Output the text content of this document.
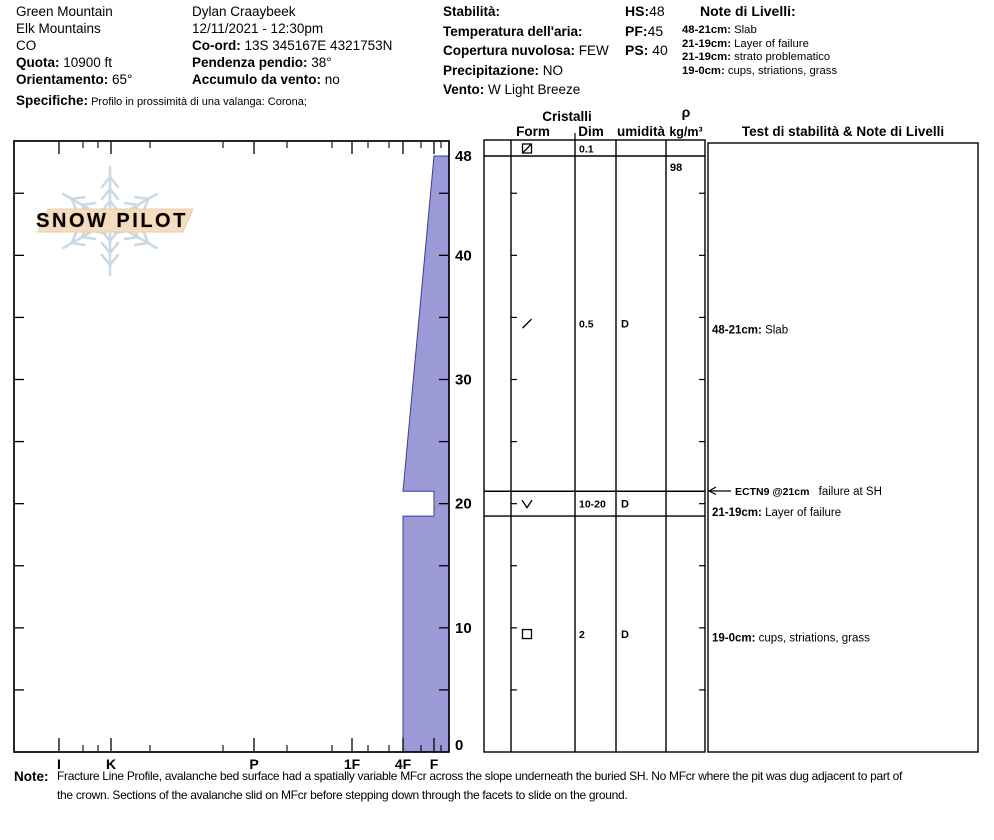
Green Mountain
Elk Mountains
CO
Quota: 10900 ft
Orientamento: 65°
Specifiche: Profilo in prossimità di una valanga: Corona;
Dylan Craaybeek
12/11/2021 - 12:30pm
Co-ord: 13S 345167E 4321753N
Pendenza pendio: 38°
Accumulo da vento: no
Stabilità:
Temperatura dell'aria:
Copertura nuvolosa: FEW
Precipitazione: NO
Vento: W Light Breeze
HS:48
PF:45
PS: 40
Note di Livelli:
48-21cm: Slab
21-19cm: Layer of failure
21-19cm: strato problematico
19-0cm: cups, striations, grass
Cristalli
Form Dim umidità
ρ
kg/m³	Test di stabilità & Note di Livelli
SNOW PILOT
48
40
30
20
10
0
I	K	P	1F 4F F
0.1
0.5 D
10-20 D
2	D
98
ECTN9 @21cm failure at SH
48-21cm: Slab
21-19cm: Layer of failure
19-0cm: cups, striations, grass
Note: Fracture Line Profile, avalanche bed surface had a spatially variable MFcr across the slope underneath the buried SH. No MFcr where the pit was dug adjacent to part of
the crown. Sections of the avalanche slid on MFcr before stepping down through the facets to slide on the ground.
